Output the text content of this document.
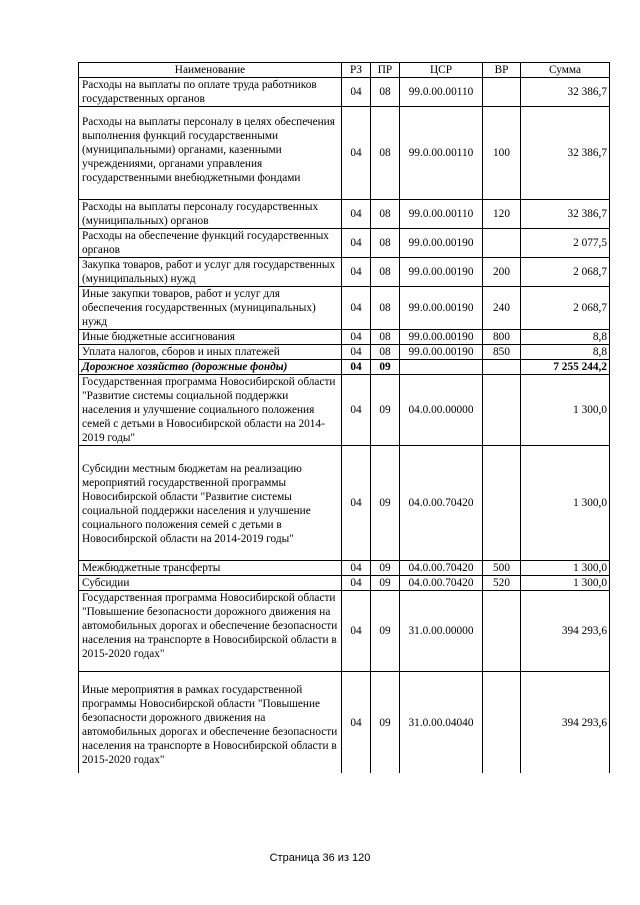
Наименование	РЗ	ПР	ЦСР	ВР	Сумма
Расходы на выплаты по оплате труда работников государственных органов	04	08	99.0.00.00110		32 386,7
Расходы на выплаты персоналу в целях обеспечения выполнения функций государственными (муниципальными) органами, казенными учреждениями, органами управления государственными внебюджетными фондами	04	08	99.0.00.00110	100	32 386,7
Расходы на выплаты персоналу государственных (муниципальных) органов	04	08	99.0.00.00110	120	32 386,7
Расходы на обеспечение функций государственных органов	04	08	99.0.00.00190		2 077,5
Закупка товаров, работ и услуг для государственных (муниципальных) нужд	04	08	99.0.00.00190	200	2 068,7
Иные закупки товаров, работ и услуг для обеспечения государственных (муниципальных) нужд	04	08	99.0.00.00190	240	2 068,7
Иные бюджетные ассигнования	04	08	99.0.00.00190	800	8,8
Уплата налогов, сборов и иных платежей	04	08	99.0.00.00190	850	8,8
Дорожное хозяйство (дорожные фонды)	04	09			7 255 244,2
Государственная программа Новосибирской области "Развитие системы социальной поддержки населения и улучшение социального положения семей с детьми в Новосибирской области на 2014-2019 годы"	04	09	04.0.00.00000		1 300,0
Субсидии местным бюджетам на реализацию мероприятий государственной программы Новосибирской области "Развитие системы социальной поддержки населения и улучшение социального положения семей с детьми в Новосибирской области на 2014-2019 годы"	04	09	04.0.00.70420		1 300,0
Межбюджетные трансферты	04	09	04.0.00.70420	500	1 300,0
Субсидии	04	09	04.0.00.70420	520	1 300,0
Государственная программа Новосибирской области "Повышение безопасности дорожного движения на автомобильных дорогах и обеспечение безопасности населения на транспорте в Новосибирской области в 2015-2020 годах"	04	09	31.0.00.00000		394 293,6
Иные мероприятия в рамках государственной программы Новосибирской области "Повышение безопасности дорожного движения на автомобильных дорогах и обеспечение безопасности населения на транспорте в Новосибирской области в 2015-2020 годах"	04	09	31.0.00.04040		394 293,6
Страница 36 из 120
